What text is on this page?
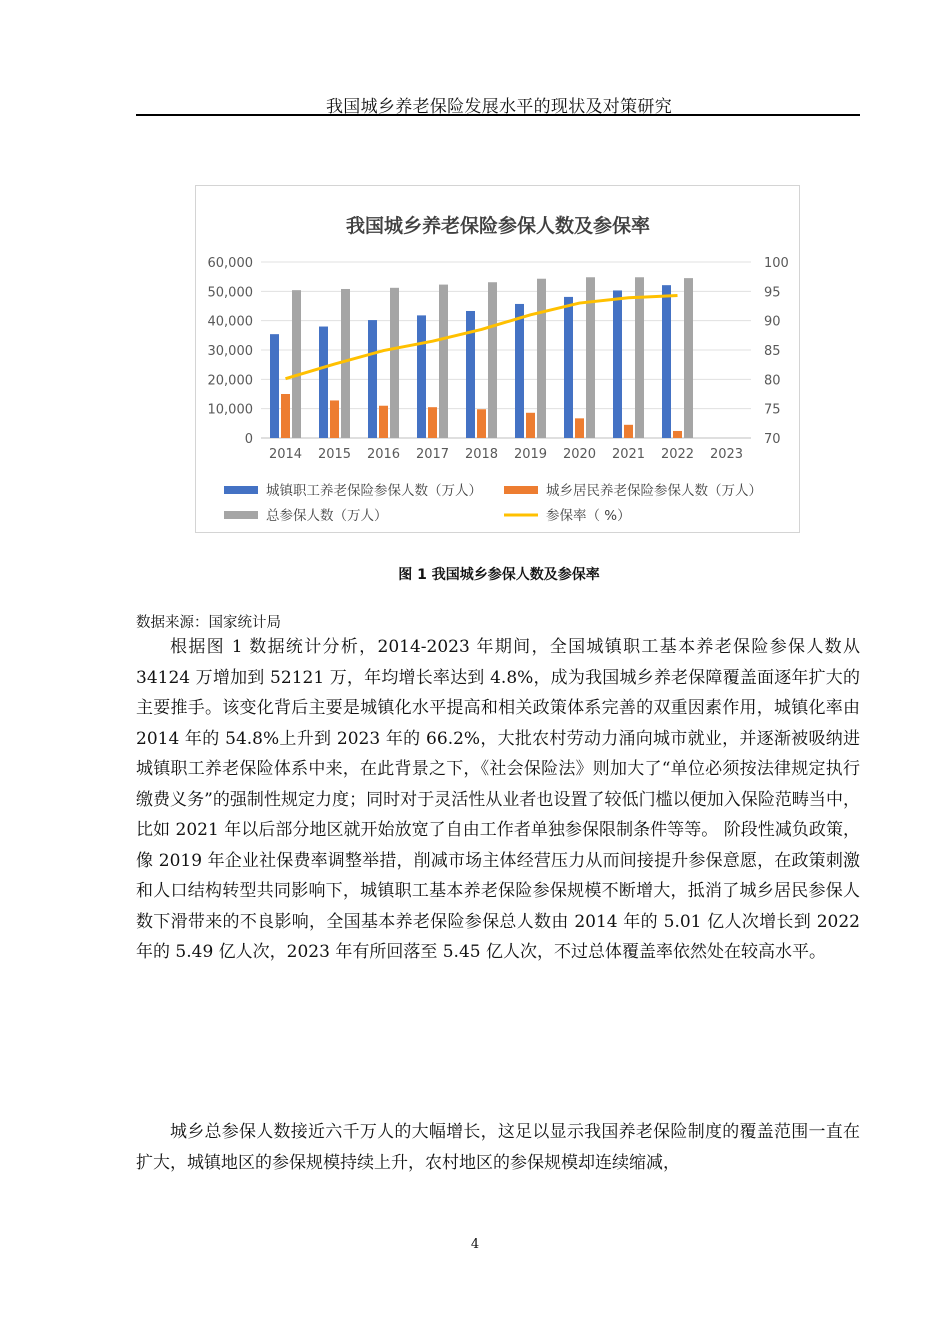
我国城乡养老保险发展水平的现状及对策研究
我国城乡养老保险参保人数及参保率
0
10,000
20,000
30,000
40,000
50,000
60,000
70
75
80
85
90
95
100
2014 2015 2016 2017 2018 2019 2020 2021 2022 2023
城镇职工养老保险参保人数（万人）	城乡居民养老保险参保人数（万人）
总参保人数（万人）	参保率（ %）
图 1 我国城乡参保人数及参保率
数据来源：国家统计局

根据图 1 数据统计分析，2014-2023 年期间，全国城镇职工基本养老保险参保人数从 34124 万增加到 52121 万，年均增长率达到 4.8%，成为我国城乡养老保障覆盖面逐年扩大的主要推手。该变化背后主要是城镇化水平提高和相关政策体系完善的双重因素作用，城镇化率由 2014 年的 54.8%上升到 2023 年的 66.2%，大批农村劳动力涌向城市就业，并逐渐被吸纳进城镇职工养老保险体系中来，在此背景之下，《社会保险法》则加大了“单位必须按法律规定执行缴费义务”的强制性规定力度；同时对于灵活性从业者也设置了较低门槛以便加入保险范畴当中，比如 2021 年以后部分地区就开始放宽了自由工作者单独参保限制条件等等。 阶段性减负政策，像 2019 年企业社保费率调整举措，削减市场主体经营压力从而间接提升参保意愿，在政策刺激和人口结构转型共同影响下，城镇职工基本养老保险参保规模不断增大，抵消了城乡居民参保人数下滑带来的不良影响，全国基本养老保险参保总人数由 2014 年的 5.01 亿人次增长到 2022 年的 5.49 亿人次，2023 年有所回落至 5.45 亿人次，不过总体覆盖率依然处在较高水平。

城乡总参保人数接近六千万人的大幅增长，这足以显示我国养老保险制度的覆盖范围一直在扩大，城镇地区的参保规模持续上升，农村地区的参保规模却连续缩减，

4
